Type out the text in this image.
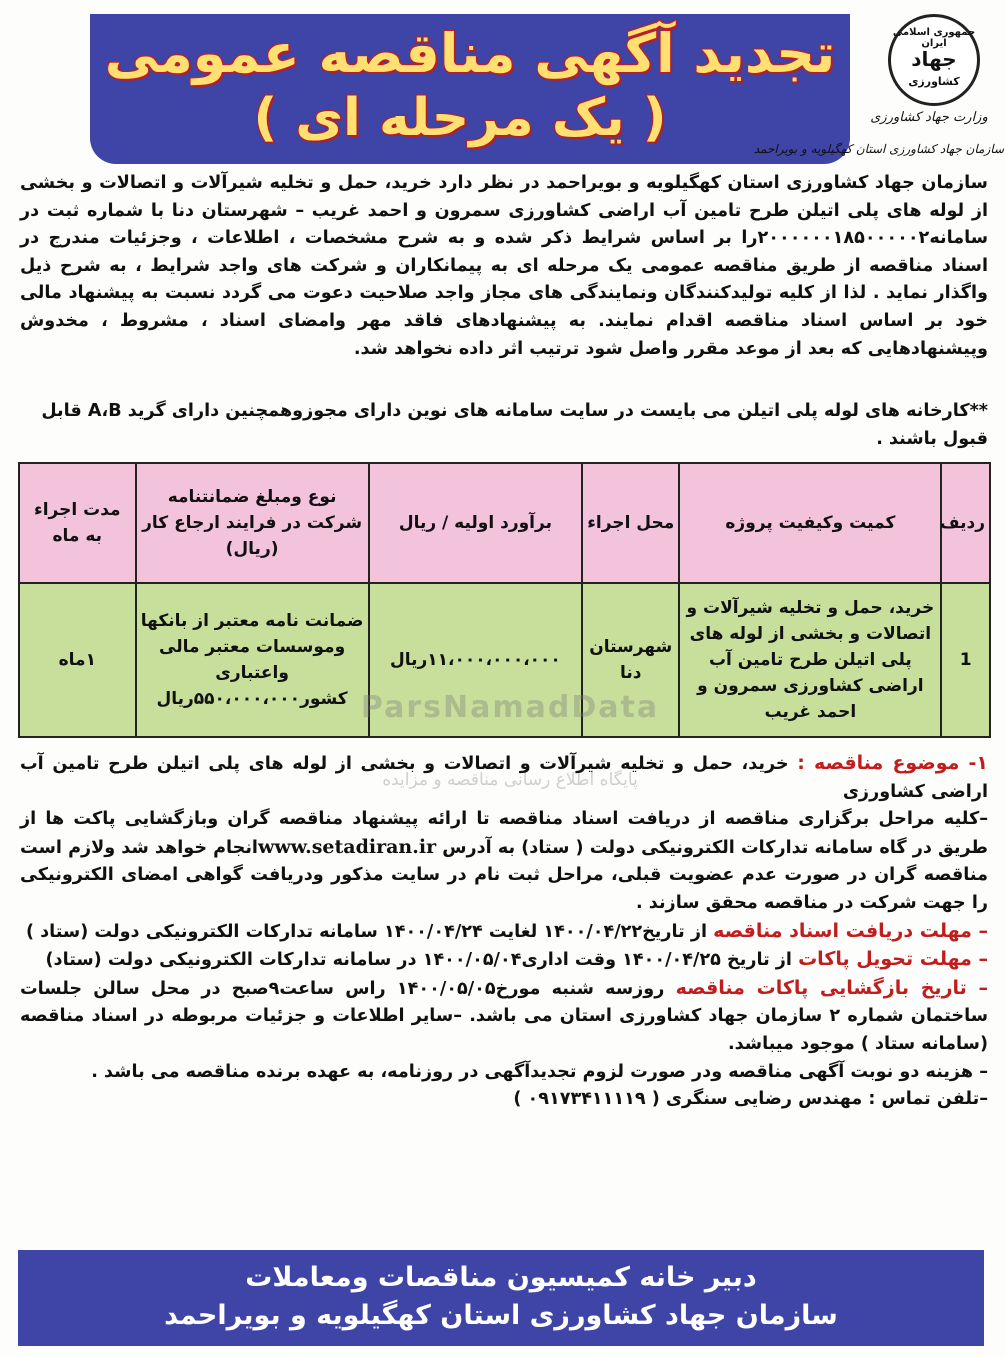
تجدید آگهی مناقصه عمومی
( یک مرحله ای )
جمهوری اسلامی ایران
جهاد
کشاورزی
وزارت جهاد کشاورزی
سازمان جهاد کشاورزی استان کهگیلویه و بویراحمد
سازمان جهاد کشاورزی استان کهگیلویه و بویراحمد در نظر دارد خرید، حمل و تخلیه شیرآلات و اتصالات و بخشی از لوله های پلی اتیلن طرح تامین آب اراضی کشاورزی سمرون و احمد غریب – شهرستان دنا با شماره ثبت در سامانه۲۰۰۰۰۰۰۱۸۵۰۰۰۰۰۲را بر اساس شرایط ذکر شده و به شرح مشخصات ، اطلاعات ، وجزئیات مندرج در اسناد مناقصه از طریق مناقصه عمومی یک مرحله ای به پیمانکاران و شرکت های واجد شرایط ، به شرح ذیل واگذار نماید . لذا از کلیه تولیدکنندگان ونمایندگی های مجاز واجد صلاحیت دعوت می گردد نسبت به پیشنهاد مالی خود بر اساس اسناد مناقصه اقدام نمایند. به پیشنهادهای فاقد مهر وامضای اسناد ، مشروط ، مخدوش وپیشنهادهایی که بعد از موعد مقرر واصل شود ترتیب اثر داده نخواهد شد.
**کارخانه های لوله پلی اتیلن می بایست در سایت سامانه های نوین دارای مجوزوهمچنین دارای گرید A،B قابل قبول باشند .
ردیف	کمیت وکیفیت پروژه	محل اجراء	برآورد اولیه / ریال	نوع ومبلغ ضمانتنامه شرکت در فرایند ارجاع کار (ریال)	مدت اجراء به ماه
1	خرید، حمل و تخلیه شیرآلات و اتصالات و بخشی از لوله های پلی اتیلن طرح تامین آب اراضی کشاورزی سمرون و احمد غریب	شهرستان دنا	۱۱،۰۰۰،۰۰۰،۰۰۰ریال	ضمانت نامه معتبر از بانکها وموسسات معتبر مالی واعتباری کشور۵۵۰،۰۰۰،۰۰۰ریال	۱ماه
ParsNamadData
پایگاه اطلاع رسانی مناقصه و مزایده
۱- موضوع مناقصه : خرید، حمل و تخلیه شیرآلات و اتصالات و بخشی از لوله های پلی اتیلن طرح تامین آب اراضی کشاورزی
–کلیه مراحل برگزاری مناقصه از دریافت اسناد مناقصه تا ارائه پیشنهاد مناقصه گران وبازگشایی پاکت ها از طریق در گاه سامانه تدارکات الکترونیکی دولت ( ستاد) به آدرس www.setadiran.irانجام خواهد شد ولازم است مناقصه گران در صورت عدم عضویت قبلی، مراحل ثبت نام در سایت مذکور ودریافت گواهی امضای الکترونیکی را جهت شرکت در مناقصه محقق سازند .
– مهلت دریافت اسناد مناقصه از تاریخ۱۴۰۰/۰۴/۲۲ لغایت ۱۴۰۰/۰۴/۲۴ سامانه تدارکات الکترونیکی دولت (ستاد )
– مهلت تحویل پاکات از تاریخ ۱۴۰۰/۰۴/۲۵ وقت اداری۱۴۰۰/۰۵/۰۴ در سامانه تدارکات الکترونیکی دولت (ستاد)
– تاریخ بازگشایی پاکات مناقصه روزسه شنبه مورخ۱۴۰۰/۰۵/۰۵ راس ساعت۹صبح در محل سالن جلسات ساختمان شماره ۲ سازمان جهاد کشاورزی استان می باشد. –سایر اطلاعات و جزئیات مربوطه در اسناد مناقصه (سامانه ستاد ) موجود میباشد.
– هزینه دو نوبت آگهی مناقصه ودر صورت لزوم تجدیدآگهی در روزنامه، به عهده برنده مناقصه می باشد .
–تلفن تماس : مهندس رضایی سنگری ( ۰۹۱۷۳۴۱۱۱۱۹ )
دبیر خانه کمیسیون مناقصات ومعاملات
سازمان جهاد کشاورزی استان کهگیلویه و بویراحمد
